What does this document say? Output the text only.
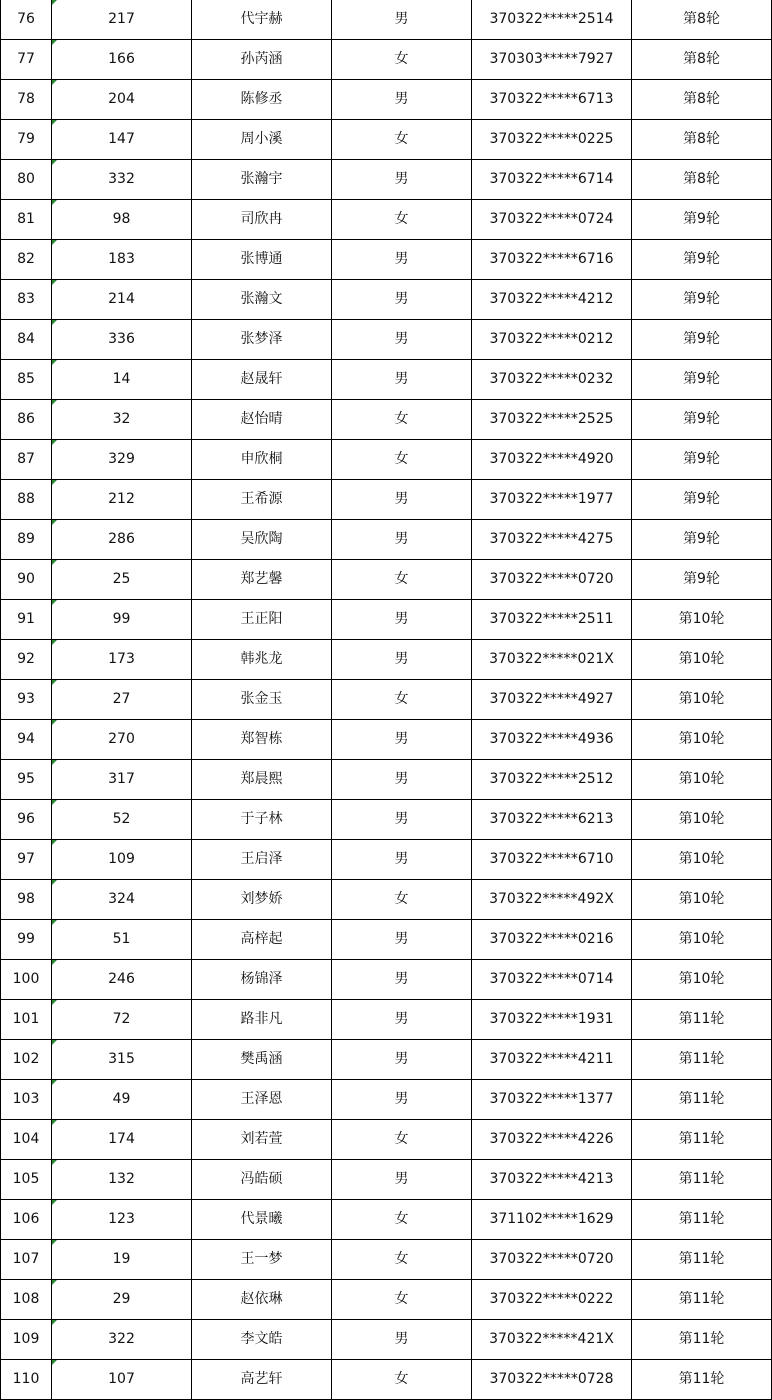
76	217	代宇赫	男	370322*****2514	第8轮
77	166	孙芮涵	女	370303*****7927	第8轮
78	204	陈修丞	男	370322*****6713	第8轮
79	147	周小溪	女	370322*****0225	第8轮
80	332	张瀚宇	男	370322*****6714	第8轮
81	98	司欣冉	女	370322*****0724	第9轮
82	183	张博通	男	370322*****6716	第9轮
83	214	张瀚文	男	370322*****4212	第9轮
84	336	张梦泽	男	370322*****0212	第9轮
85	14	赵晟轩	男	370322*****0232	第9轮
86	32	赵怡晴	女	370322*****2525	第9轮
87	329	申欣桐	女	370322*****4920	第9轮
88	212	王希源	男	370322*****1977	第9轮
89	286	吴欣陶	男	370322*****4275	第9轮
90	25	郑艺馨	女	370322*****0720	第9轮
91	99	王正阳	男	370322*****2511	第10轮
92	173	韩兆龙	男	370322*****021X	第10轮
93	27	张金玉	女	370322*****4927	第10轮
94	270	郑智栋	男	370322*****4936	第10轮
95	317	郑晨熙	男	370322*****2512	第10轮
96	52	于子林	男	370322*****6213	第10轮
97	109	王启泽	男	370322*****6710	第10轮
98	324	刘梦娇	女	370322*****492X	第10轮
99	51	高梓起	男	370322*****0216	第10轮
100	246	杨锦泽	男	370322*****0714	第10轮
101	72	路非凡	男	370322*****1931	第11轮
102	315	樊禹涵	男	370322*****4211	第11轮
103	49	王泽恩	男	370322*****1377	第11轮
104	174	刘若萱	女	370322*****4226	第11轮
105	132	冯皓硕	男	370322*****4213	第11轮
106	123	代景曦	女	371102*****1629	第11轮
107	19	王一梦	女	370322*****0720	第11轮
108	29	赵依琳	女	370322*****0222	第11轮
109	322	李文皓	男	370322*****421X	第11轮
110	107	高艺轩	女	370322*****0728	第11轮
